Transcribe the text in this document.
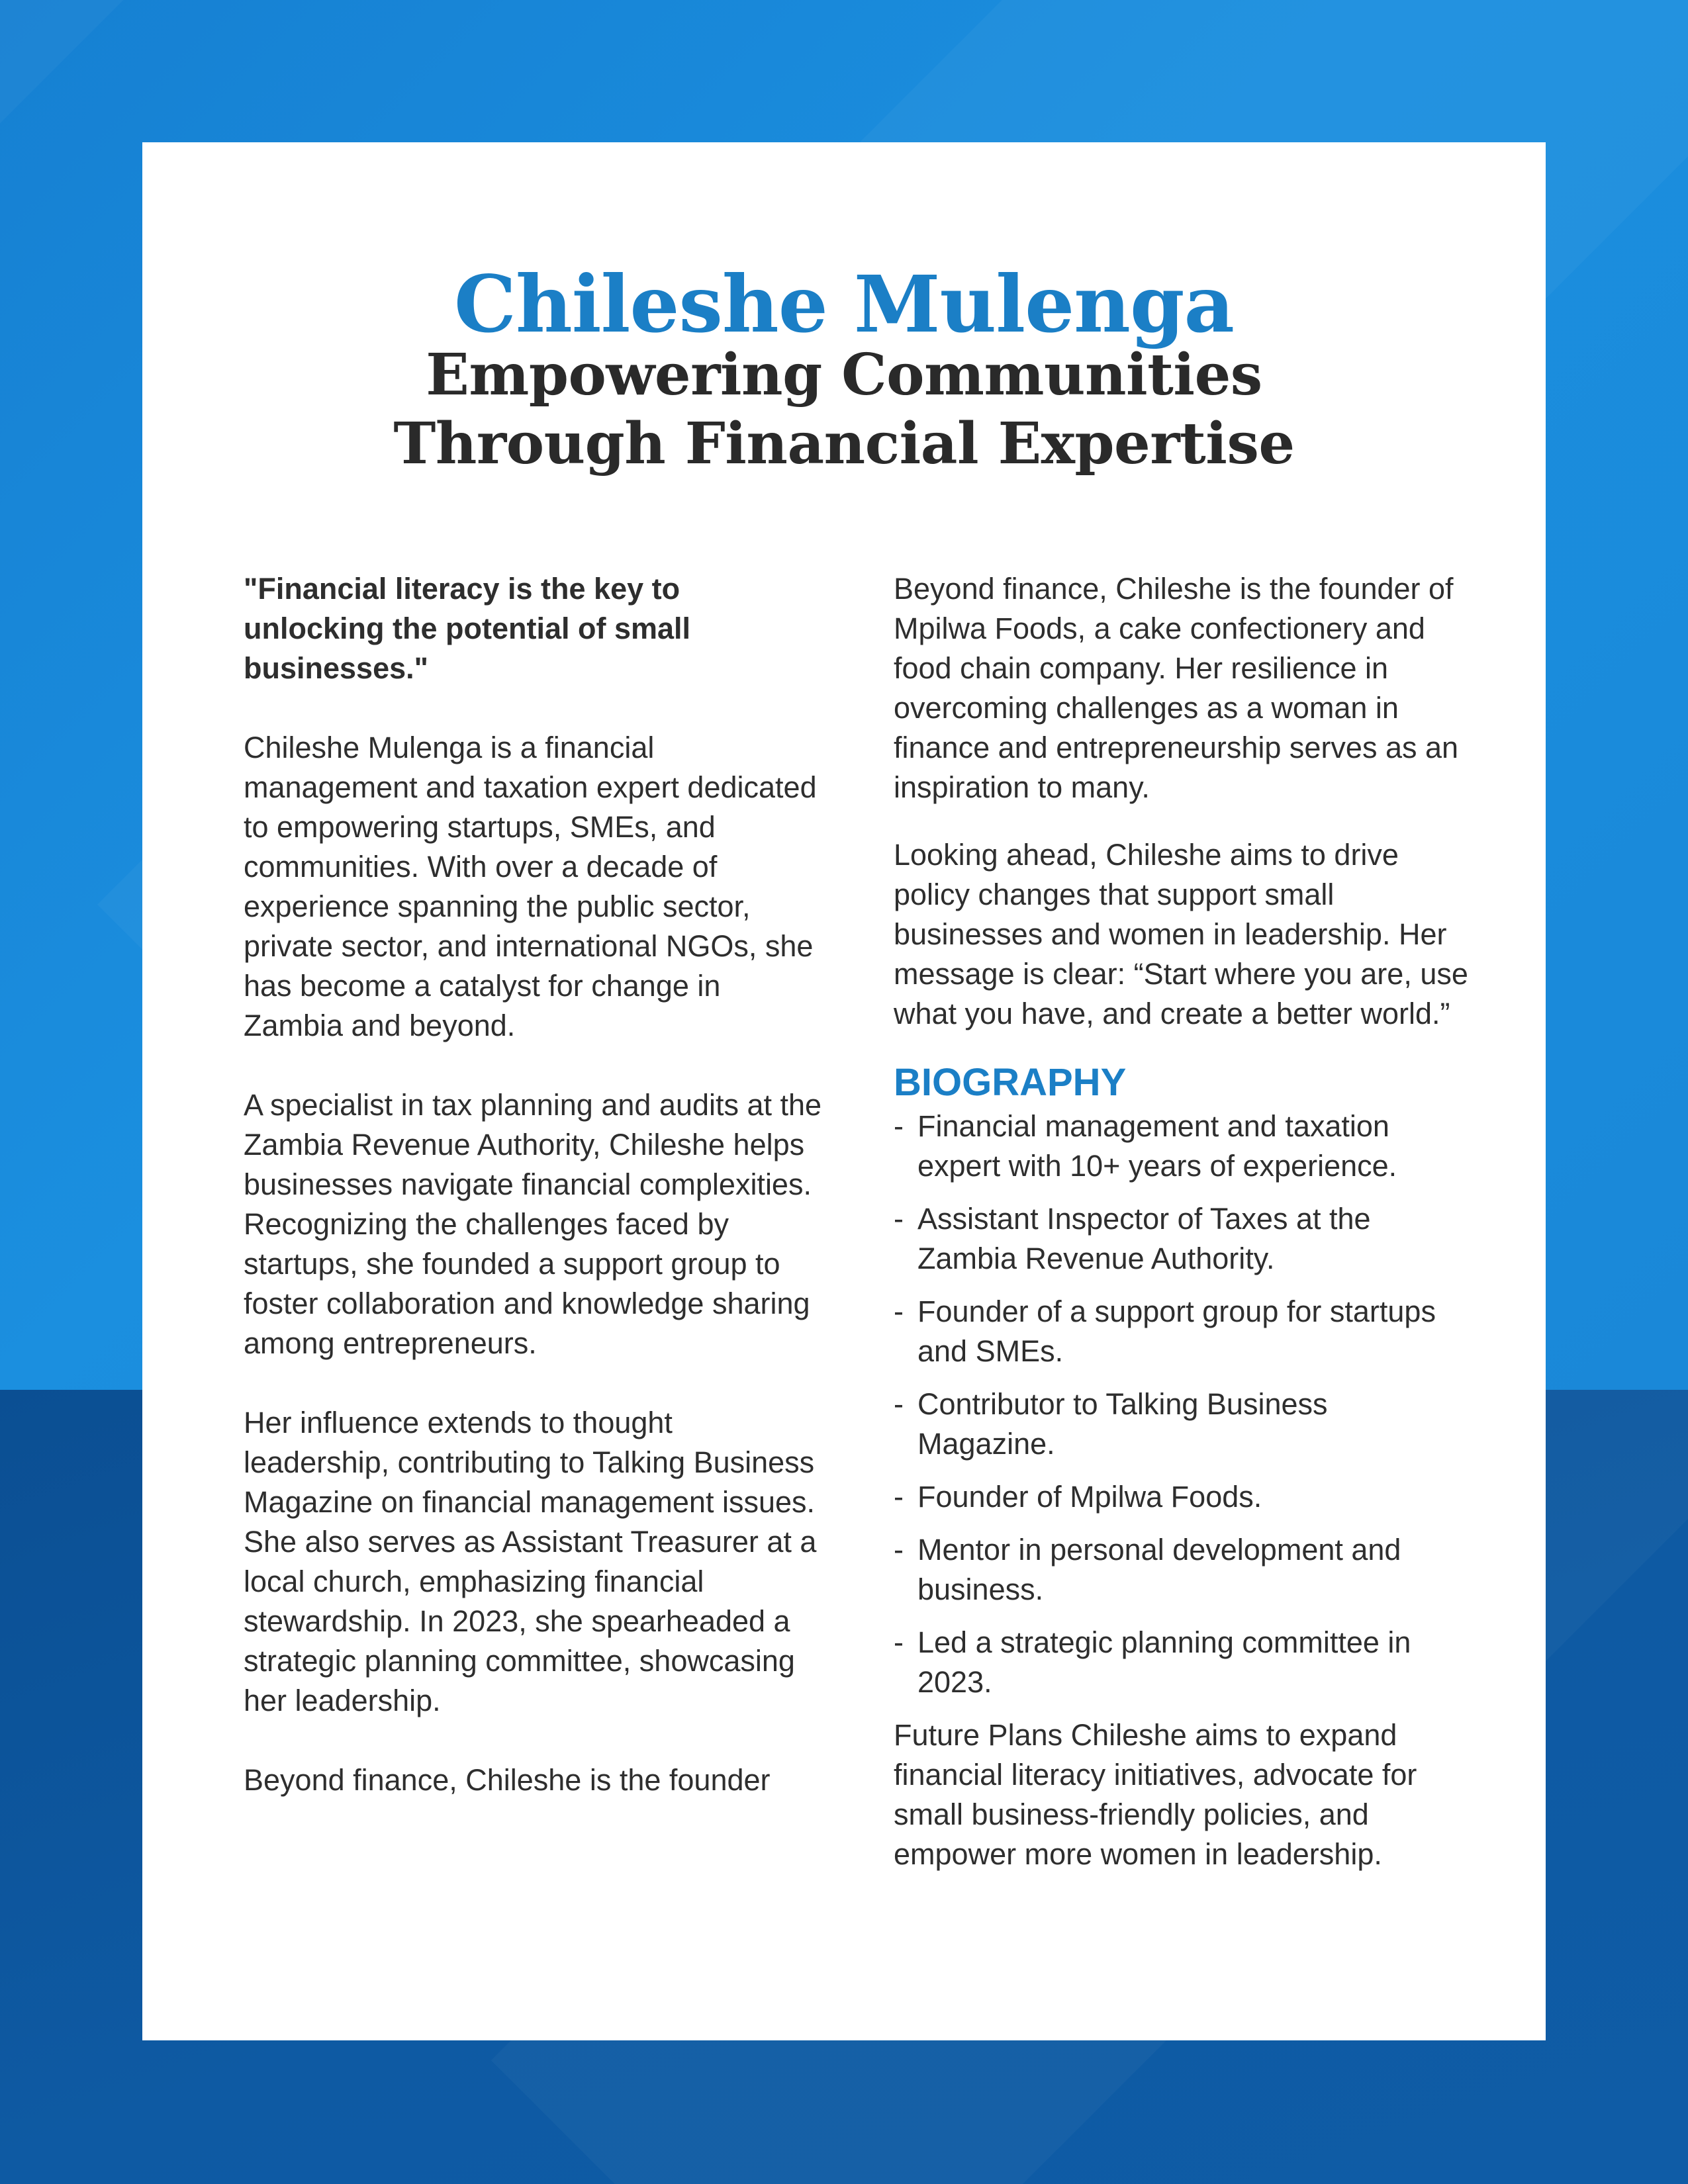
Chileshe Mulenga
Empowering Communities
Through Financial Expertise

"Financial literacy is the key to unlocking the potential of small businesses."

Chileshe Mulenga is a financial management and taxation expert dedicated to empowering startups, SMEs, and communities. With over a decade of experience spanning the public sector, private sector, and international NGOs, she has become a catalyst for change in Zambia and beyond.

A specialist in tax planning and audits at the Zambia Revenue Authority, Chileshe helps businesses navigate financial complexities. Recognizing the challenges faced by startups, she founded a support group to foster collaboration and knowledge sharing among entrepreneurs.

Her influence extends to thought leadership, contributing to Talking Business Magazine on financial management issues. She also serves as Assistant Treasurer at a local church, emphasizing financial stewardship. In 2023, she spearheaded a strategic planning committee, showcasing her leadership.

Beyond finance, Chileshe is the founder

Beyond finance, Chileshe is the founder of Mpilwa Foods, a cake confectionery and food chain company. Her resilience in overcoming challenges as a woman in finance and entrepreneurship serves as an inspiration to many.

Looking ahead, Chileshe aims to drive policy changes that support small businesses and women in leadership. Her message is clear: “Start where you are, use what you have, and create a better world.”

BIOGRAPHY
- Financial management and taxation expert with 10+ years of experience.
- Assistant Inspector of Taxes at the Zambia Revenue Authority.
- Founder of a support group for startups and SMEs.
- Contributor to Talking Business Magazine.
- Founder of Mpilwa Foods.
- Mentor in personal development and business.
- Led a strategic planning committee in 2023.

Future Plans Chileshe aims to expand financial literacy initiatives, advocate for small business-friendly policies, and empower more women in leadership.
